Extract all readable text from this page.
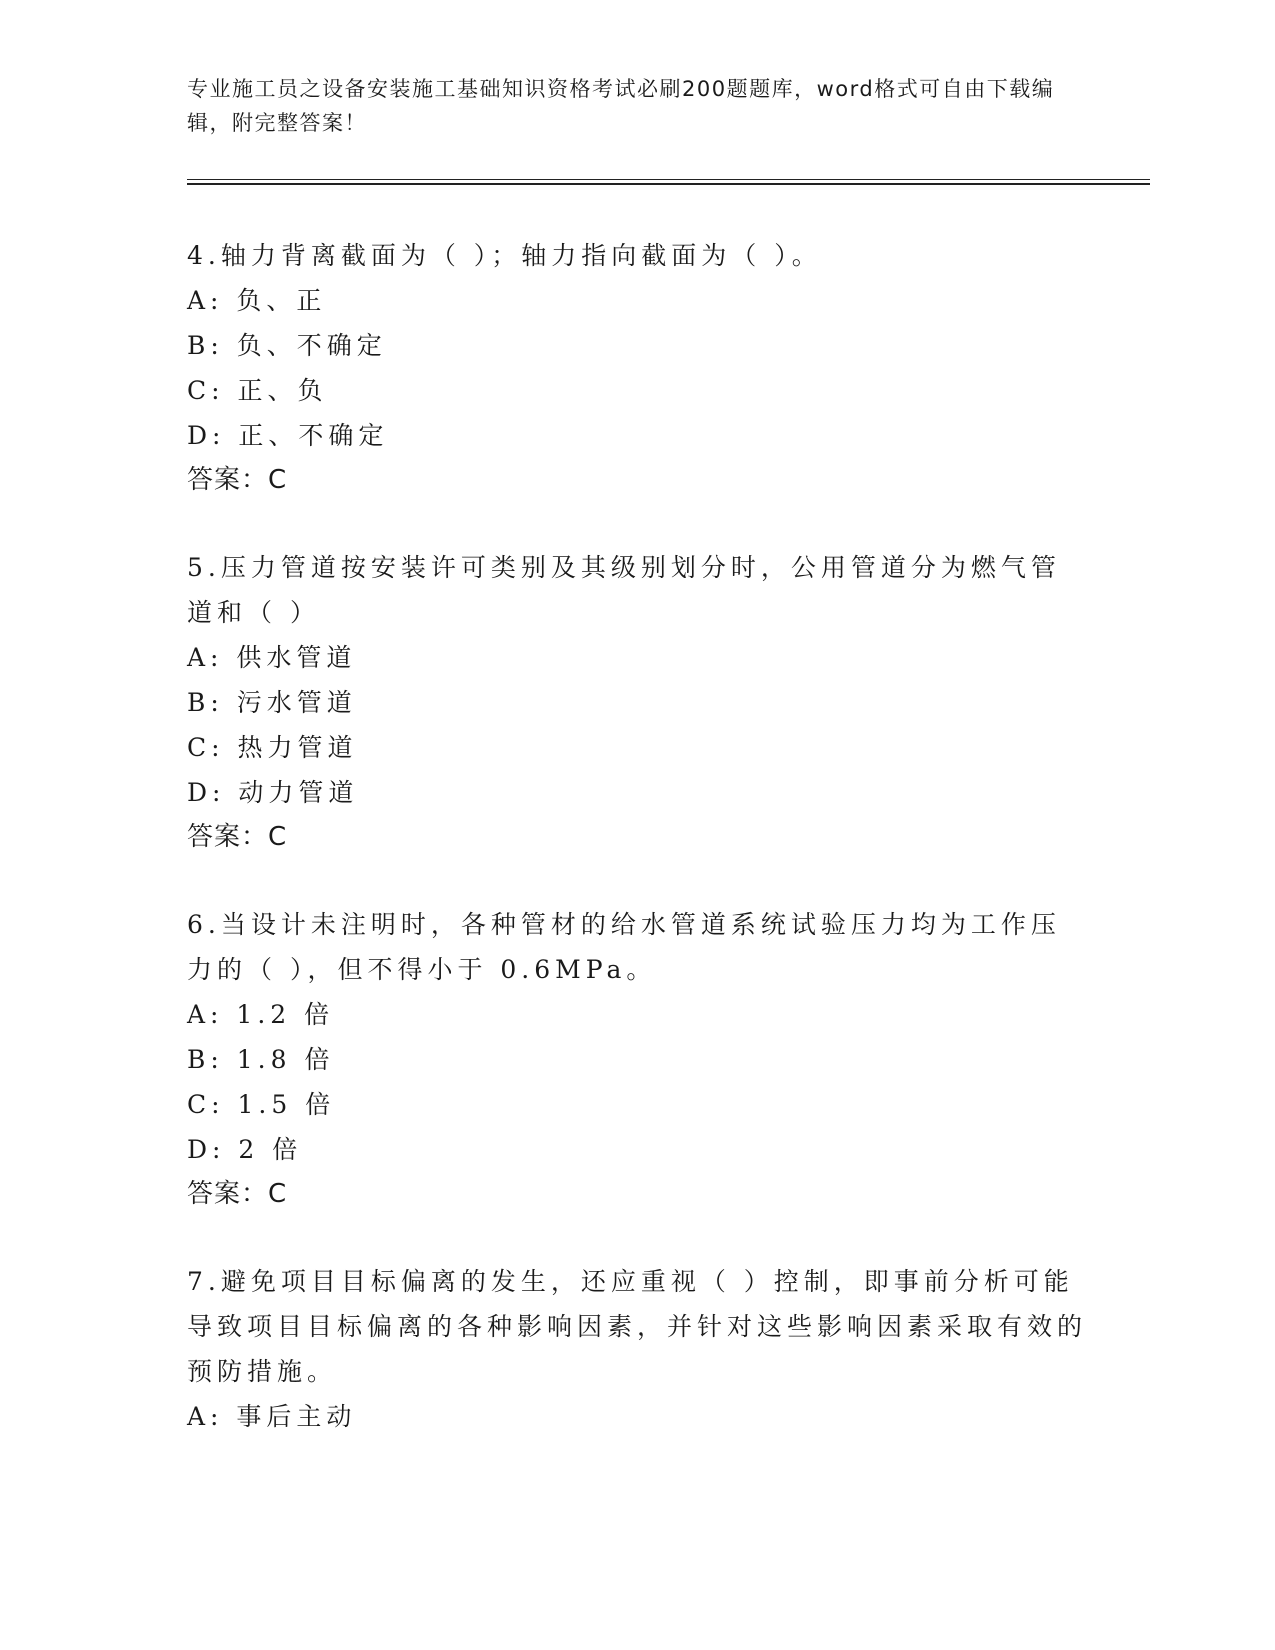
专业施工员之设备安装施工基础知识资格考试必刷200题题库，word格式可自由下载编辑，附完整答案！

4.轴力背离截面为（ ）；轴力指向截面为（ ）。

A: 负、正

B: 负、不确定

C: 正、负

D: 正、不确定

答案：C

5.压力管道按安装许可类别及其级别划分时，公用管道分为燃气管道和（ ）

A: 供水管道

B: 污水管道

C: 热力管道

D: 动力管道

答案：C

6.当设计未注明时，各种管材的给水管道系统试验压力均为工作压力的（ ），但不得小于 0.6MPa。

A: 1.2 倍

B: 1.8 倍

C: 1.5 倍

D: 2 倍

答案：C

7.避免项目目标偏离的发生，还应重视（ ）控制，即事前分析可能导致项目目标偏离的各种影响因素，并针对这些影响因素采取有效的预防措施。

A: 事后主动
